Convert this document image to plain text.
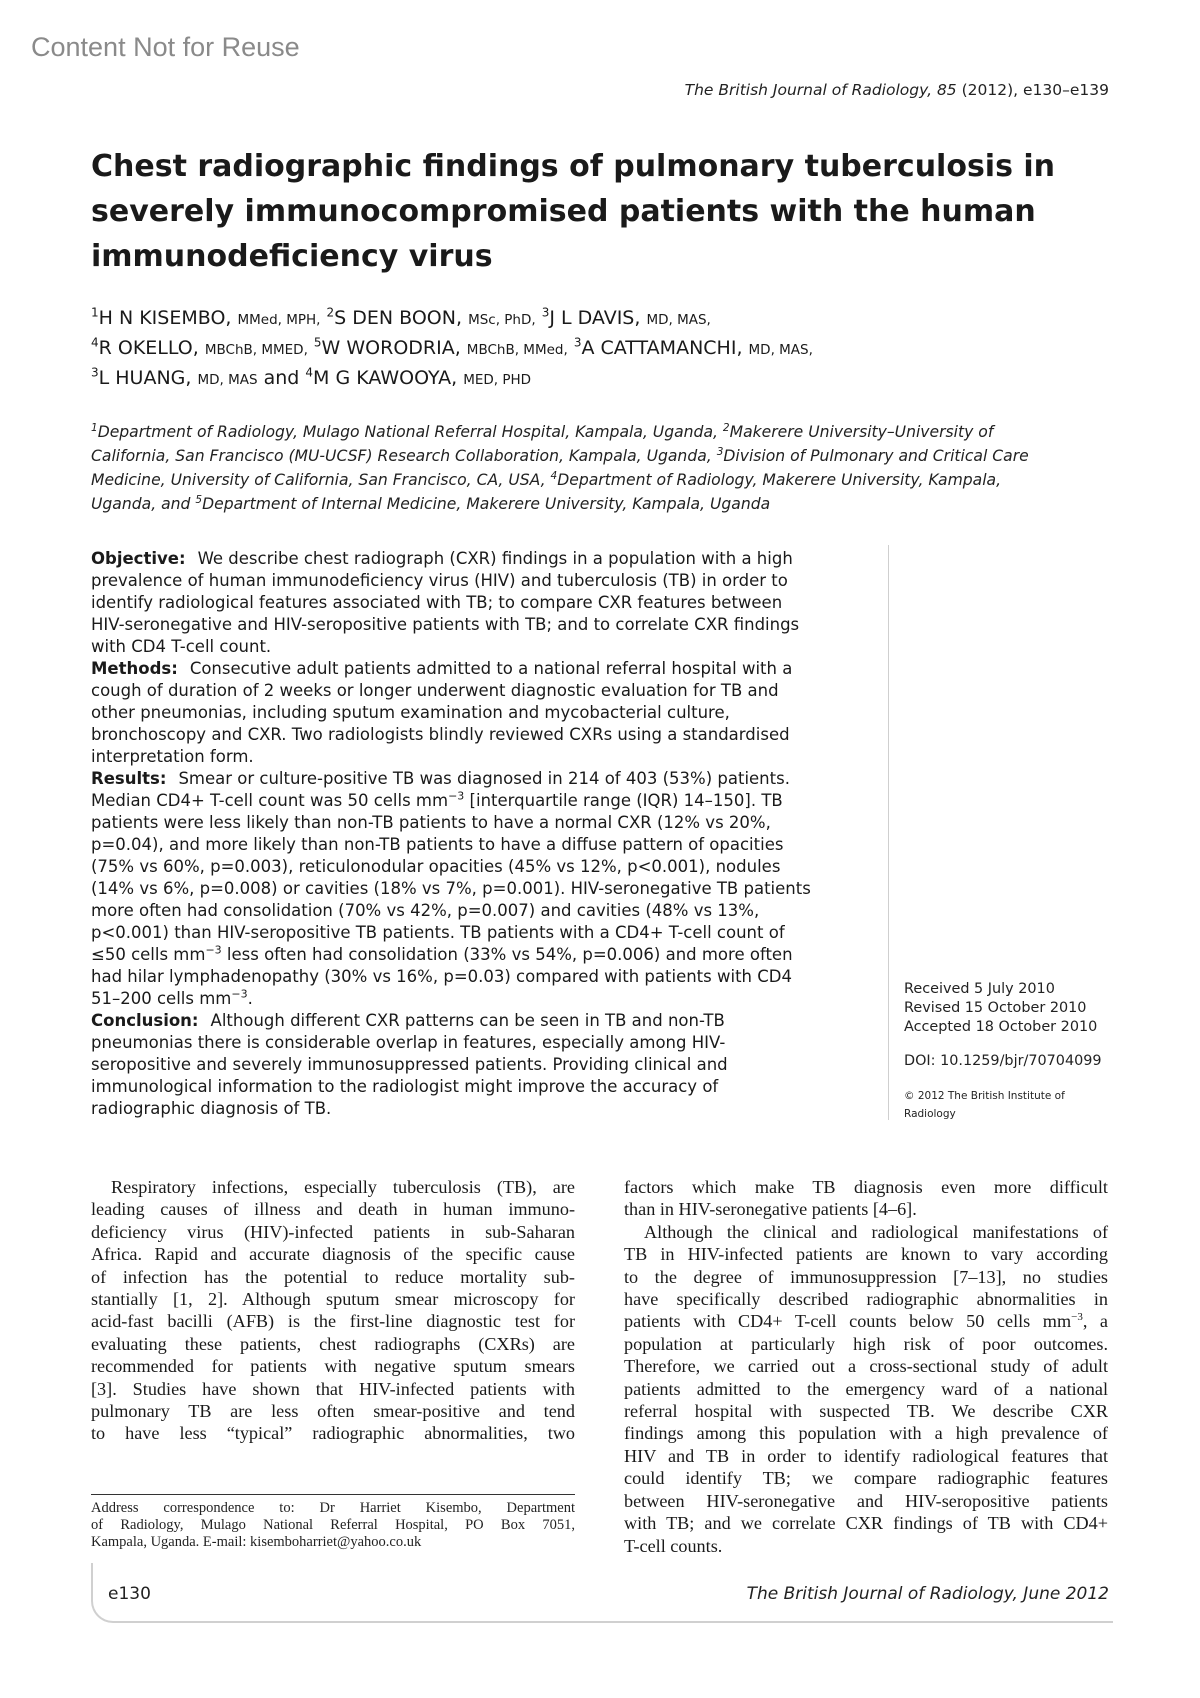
Content Not for Reuse
The British Journal of Radiology, 85 (2012), e130–e139
Chest radiographic findings of pulmonary tuberculosis in
severely immunocompromised patients with the human
immunodeficiency virus
$^1$H N KISEMBO, MMed, MPH, $^2$S DEN BOON, MSc, PhD, $^3$J L DAVIS, MD, MAS,
$^4$R OKELLO, MBChB, MMED, $^5$W WORODRIA, MBChB, MMed, $^3$A CATTAMANCHI, MD, MAS,
$^3$L HUANG, MD, MAS and $^4$M G KAWOOYA, MED, PHD
$^1$Department of Radiology, Mulago National Referral Hospital, Kampala, Uganda, $^2$Makerere University–University of
California, San Francisco (MU-UCSF) Research Collaboration, Kampala, Uganda, $^3$Division of Pulmonary and Critical Care
Medicine, University of California, San Francisco, CA, USA, $^4$Department of Radiology, Makerere University, Kampala,
Uganda, and $^5$Department of Internal Medicine, Makerere University, Kampala, Uganda
Objective: We describe chest radiograph (CXR) findings in a population with a high
prevalence of human immunodeficiency virus (HIV) and tuberculosis (TB) in order to
identify radiological features associated with TB; to compare CXR features between
HIV-seronegative and HIV-seropositive patients with TB; and to correlate CXR findings
with CD4 T-cell count.
Methods: Consecutive adult patients admitted to a national referral hospital with a
cough of duration of 2 weeks or longer underwent diagnostic evaluation for TB and
other pneumonias, including sputum examination and mycobacterial culture,
bronchoscopy and CXR. Two radiologists blindly reviewed CXRs using a standardised
interpretation form.
Results: Smear or culture-positive TB was diagnosed in 214 of 403 (53%) patients.
Median CD4+ T-cell count was 50 cells $mm^{-3}$ [interquartile range (IQR) 14–150]. TB
patients were less likely than non-TB patients to have a normal CXR (12% vs 20%,
p=0.04), and more likely than non-TB patients to have a diffuse pattern of opacities
(75% vs 60%, p=0.003), reticulonodular opacities (45% vs 12%, p<0.001), nodules
(14% vs 6%, p=0.008) or cavities (18% vs 7%, p=0.001). HIV-seronegative TB patients
more often had consolidation (70% vs 42%, p=0.007) and cavities (48% vs 13%,
p<0.001) than HIV-seropositive TB patients. TB patients with a CD4+ T-cell count of
≤50 cells $mm^{-3}$ less often had consolidation (33% vs 54%, p=0.006) and more often
had hilar lymphadenopathy (30% vs 16%, p=0.03) compared with patients with CD4
51–200 cells $mm^{-3}$.
Conclusion: Although different CXR patterns can be seen in TB and non-TB
pneumonias there is considerable overlap in features, especially among HIV-
seropositive and severely immunosuppressed patients. Providing clinical and
immunological information to the radiologist might improve the accuracy of
radiographic diagnosis of TB.
Received 5 July 2010
Revised 15 October 2010
Accepted 18 October 2010
DOI: 10.1259/bjr/70704099
© 2012 The British Institute of Radiology
Respiratory infections, especially tuberculosis (TB), are
leading causes of illness and death in human immuno-
deficiency virus (HIV)-infected patients in sub-Saharan
Africa. Rapid and accurate diagnosis of the specific cause
of infection has the potential to reduce mortality sub-
stantially [1, 2]. Although sputum smear microscopy for
acid-fast bacilli (AFB) is the first-line diagnostic test for
evaluating these patients, chest radiographs (CXRs) are
recommended for patients with negative sputum smears
[3]. Studies have shown that HIV-infected patients with
pulmonary TB are less often smear-positive and tend
to have less “typical” radiographic abnormalities, two
factors which make TB diagnosis even more difficult
than in HIV-seronegative patients [4–6].
Although the clinical and radiological manifestations of
TB in HIV-infected patients are known to vary according
to the degree of immunosuppression [7–13], no studies
have specifically described radiographic abnormalities in
patients with CD4+ T-cell counts below 50 cells $mm^{-3}$, a
population at particularly high risk of poor outcomes.
Therefore, we carried out a cross-sectional study of adult
patients admitted to the emergency ward of a national
referral hospital with suspected TB. We describe CXR
findings among this population with a high prevalence of
HIV and TB in order to identify radiological features that
could identify TB; we compare radiographic features
between HIV-seronegative and HIV-seropositive patients
with TB; and we correlate CXR findings of TB with CD4+
T-cell counts.
Address correspondence to: Dr Harriet Kisembo, Department
of Radiology, Mulago National Referral Hospital, PO Box 7051,
Kampala, Uganda. E-mail: kisemboharriet@yahoo.co.uk
e130	The British Journal of Radiology, June 2012
